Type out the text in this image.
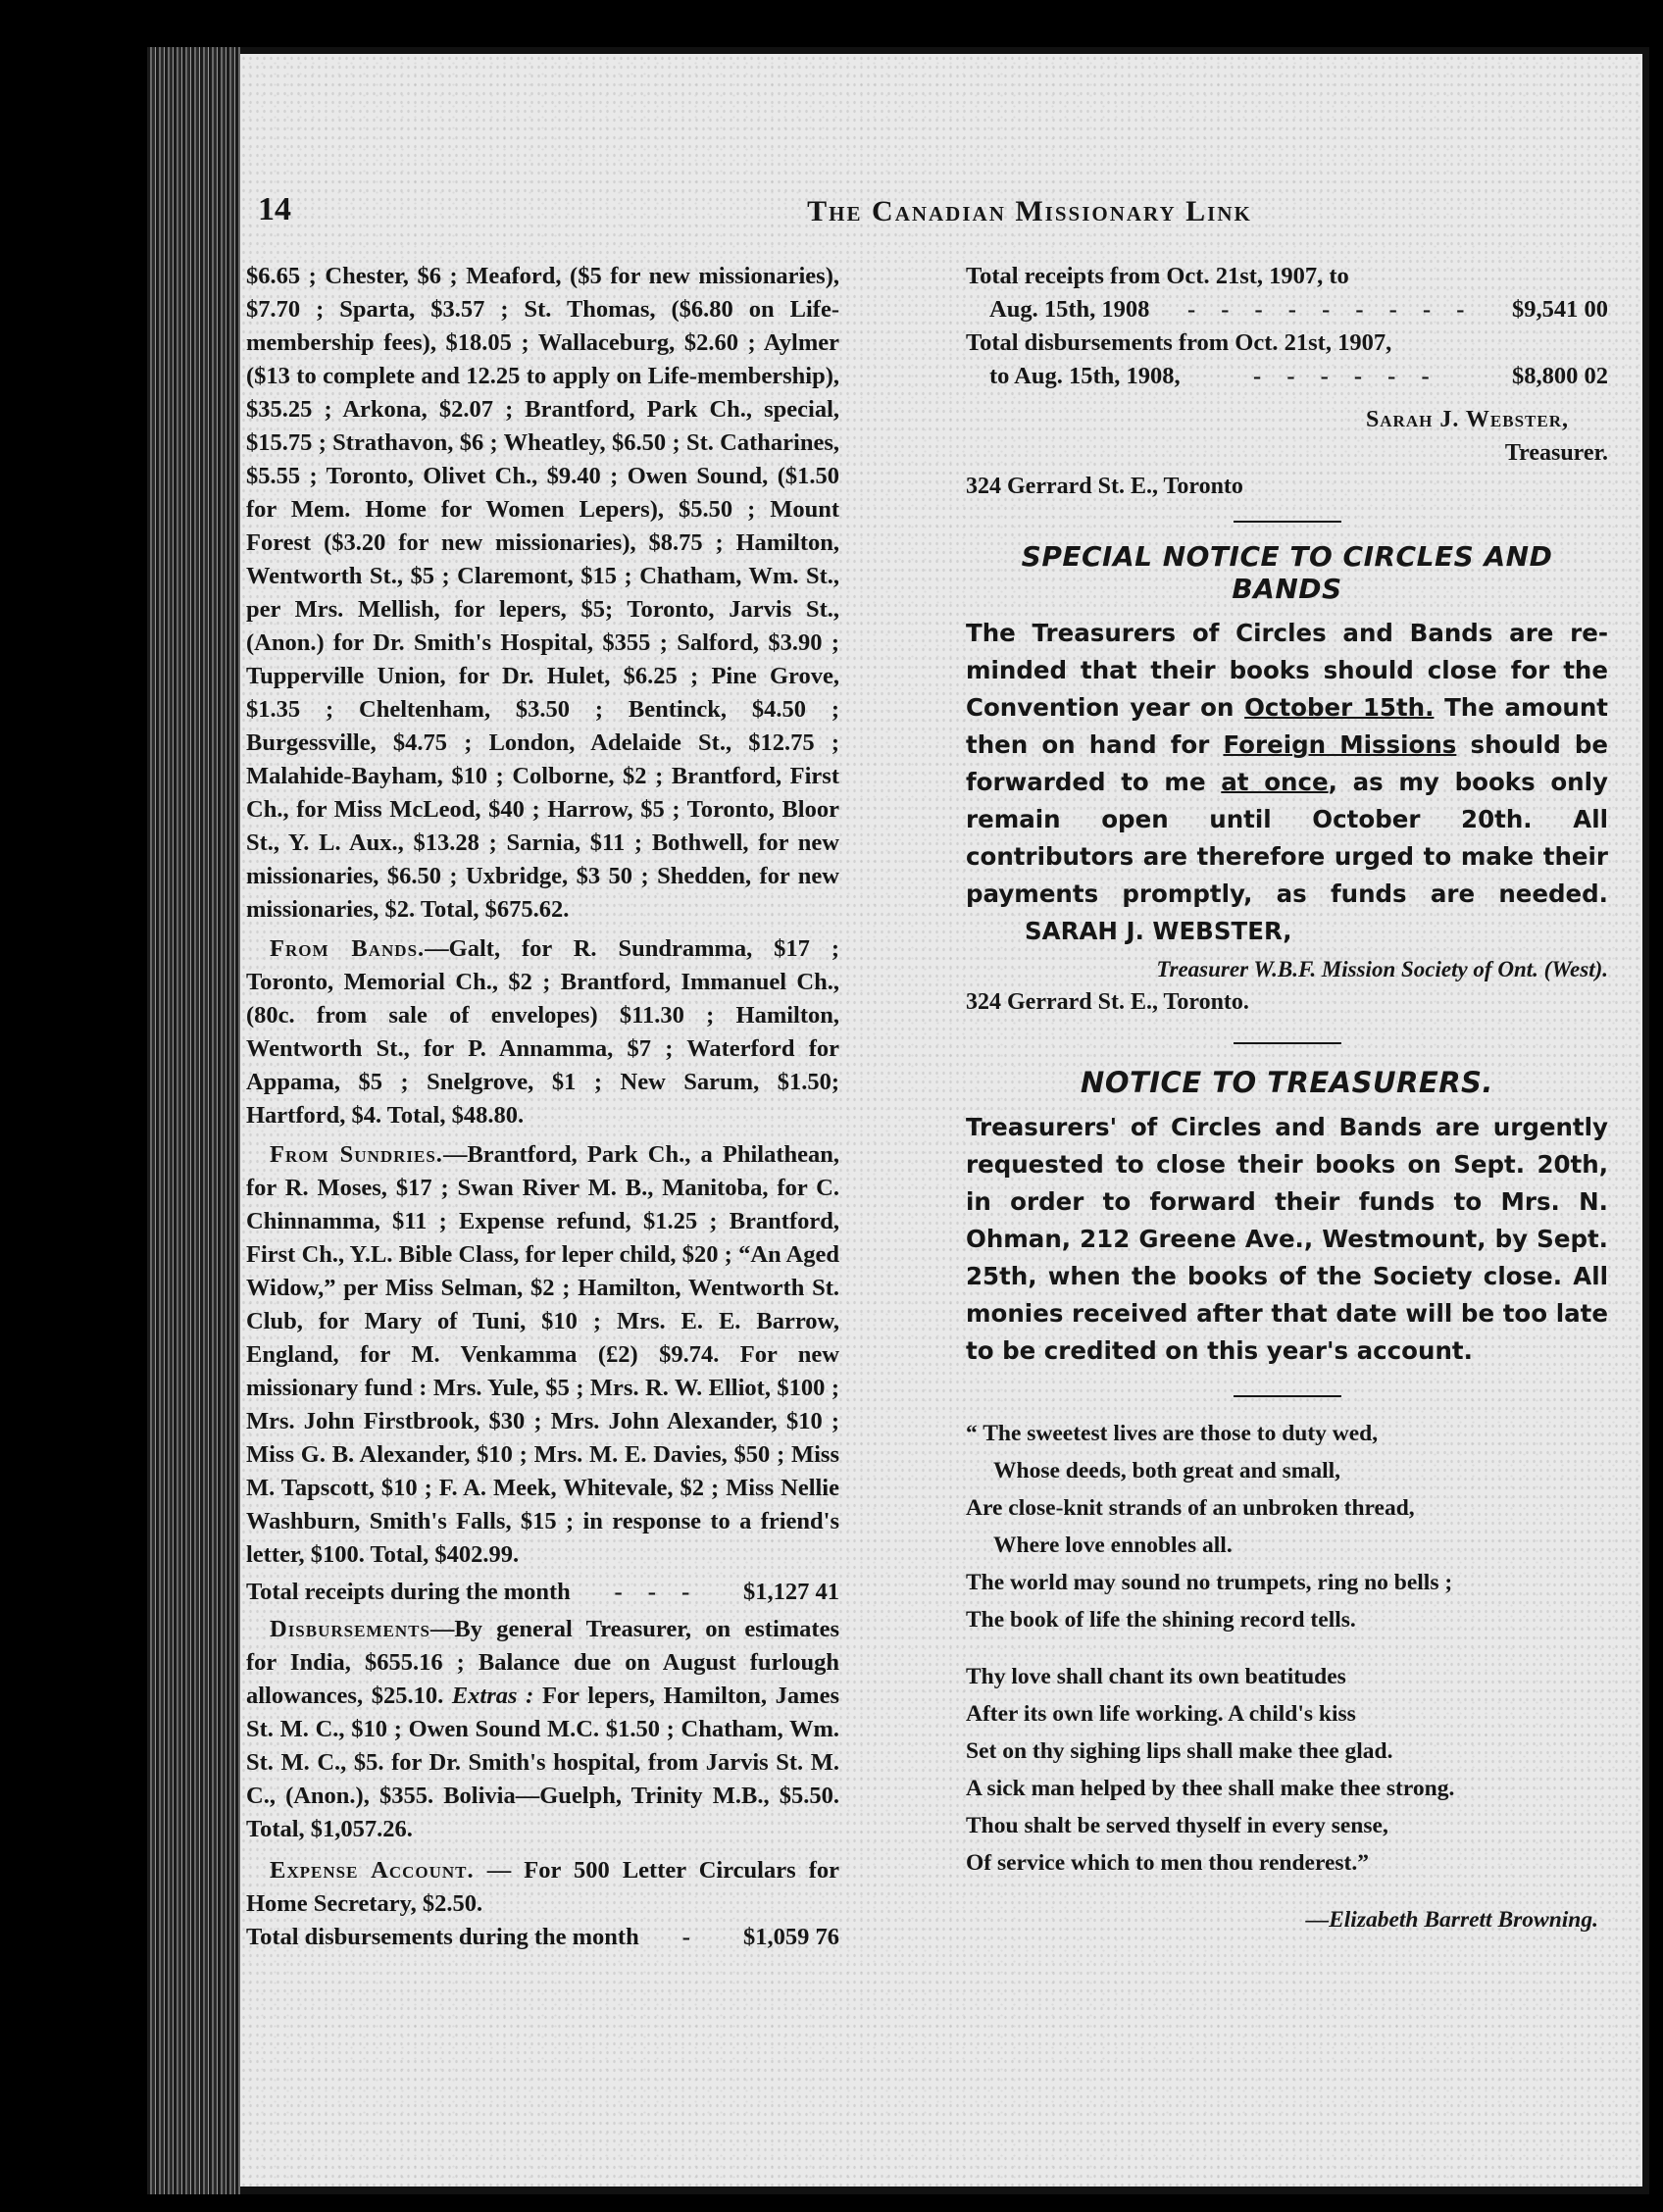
14	The Canadian Missionary Link

$6.65 ; Chester, $6 ; Meaford, ($5 for new missionaries), $7.70 ; Sparta, $3.57 ; St. Thomas, ($6.80 on Life-membership fees), $18.05 ; Wallaceburg, $2.60 ; Aylmer ($13 to complete and 12.25 to apply on Life-membership), $35.25 ; Arkona, $2.07 ; Brantford, Park Ch., special, $15.75 ; Strathavon, $6 ; Wheatley, $6.50 ; St. Catharines, $5.55 ; Toronto, Olivet Ch., $9.40 ; Owen Sound, ($1.50 for Mem. Home for Women Lepers), $5.50 ; Mount Forest ($3.20 for new missionaries), $8.75 ; Hamilton, Wentworth St., $5 ; Claremont, $15 ; Chatham, Wm. St., per Mrs. Mellish, for lepers, $5; Toronto, Jarvis St., (Anon.) for Dr. Smith's Hospital, $355 ; Salford, $3.90 ; Tupperville Union, for Dr. Hulet, $6.25 ; Pine Grove, $1.35 ; Cheltenham, $3.50 ; Bentinck, $4.50 ; Burgessville, $4.75 ; London, Adelaide St., $12.75 ; Malahide-Bayham, $10 ; Colborne, $2 ; Brantford, First Ch., for Miss McLeod, $40 ; Harrow, $5 ; Toronto, Bloor St., Y. L. Aux., $13.28 ; Sarnia, $11 ; Bothwell, for new missionaries, $6.50 ; Uxbridge, $3 50 ; Shedden, for new missionaries, $2. Total, $675.62.

From Bands.—Galt, for R. Sundramma, $17 ; Toronto, Memorial Ch., $2 ; Brantford, Immanuel Ch., (80c. from sale of envelopes) $11.30 ; Hamilton, Wentworth St., for P. Annamma, $7 ; Waterford for Appama, $5 ; Snelgrove, $1 ; New Sarum, $1.50; Hartford, $4. Total, $48.80.

From Sundries.—Brantford, Park Ch., a Philathean, for R. Moses, $17 ; Swan River M. B., Manitoba, for C. Chinnamma, $11 ; Expense refund, $1.25 ; Brantford, First Ch., Y.L. Bible Class, for leper child, $20 ; “An Aged Widow,” per Miss Selman, $2 ; Hamilton, Wentworth St. Club, for Mary of Tuni, $10 ; Mrs. E. E. Barrow, England, for M. Venkamma (£2) $9.74. For new missionary fund : Mrs. Yule, $5 ; Mrs. R. W. Elliot, $100 ; Mrs. John Firstbrook, $30 ; Mrs. John Alexander, $10 ; Miss G. B. Alexander, $10 ; Mrs. M. E. Davies, $50 ; Miss M. Tapscott, $10 ; F. A. Meek, Whitevale, $2 ; Miss Nellie Washburn, Smith's Falls, $15 ; in response to a friend's letter, $100. Total, $402.99.

Total receipts during the month	- - -	$1,127 41

Disbursements—By general Treasurer, on estimates for India, $655.16 ; Balance due on August furlough allowances, $25.10. Extras : For lepers, Hamilton, James St. M. C., $10 ; Owen Sound M.C. $1.50 ; Chatham, Wm. St. M. C., $5. for Dr. Smith's hospital, from Jarvis St. M. C., (Anon.), $355. Bolivia—Guelph, Trinity M.B., $5.50. Total, $1,057.26.

Expense Account. — For 500 Letter Circulars for Home Secretary, $2.50.

Total disbursements during the month	-	$1,059 76
Total receipts from Oct. 21st, 1907, to
Aug. 15th, 1908	- - - - - - - - -	$9,541 00
Total disbursements from Oct. 21st, 1907,
to Aug. 15th, 1908,	- - - - - -	$8,800 02
Sarah J. Webster,
Treasurer.
324 Gerrard St. E., Toronto
SPECIAL NOTICE TO CIRCLES AND BANDS

The Treasurers of Circles and Bands are reminded that their books should close for the Convention year on October 15th. The amount then on hand for Foreign Missions should be forwarded to me at once, as my books only remain open until October 20th. All contributors are therefore urged to make their payments promptly, as funds are needed. SARAH J. WEBSTER,

Treasurer W.B.F. Mission Society of Ont. (West).
324 Gerrard St. E., Toronto.
NOTICE TO TREASURERS.

Treasurers' of Circles and Bands are urgently requested to close their books on Sept. 20th, in order to forward their funds to Mrs. N. Ohman, 212 Greene Ave., Westmount, by Sept. 25th, when the books of the Society close. All monies received after that date will be too late to be credited on this year's account.

“ The sweetest lives are those to duty wed,
Whose deeds, both great and small,
Are close-knit strands of an unbroken thread,
Where love ennobles all.
The world may sound no trumpets, ring no bells ;
The book of life the shining record tells.
Thy love shall chant its own beatitudes
After its own life working. A child's kiss
Set on thy sighing lips shall make thee glad.
A sick man helped by thee shall make thee strong.
Thou shalt be served thyself in every sense,
Of service which to men thou renderest.”
—Elizabeth Barrett Browning.
